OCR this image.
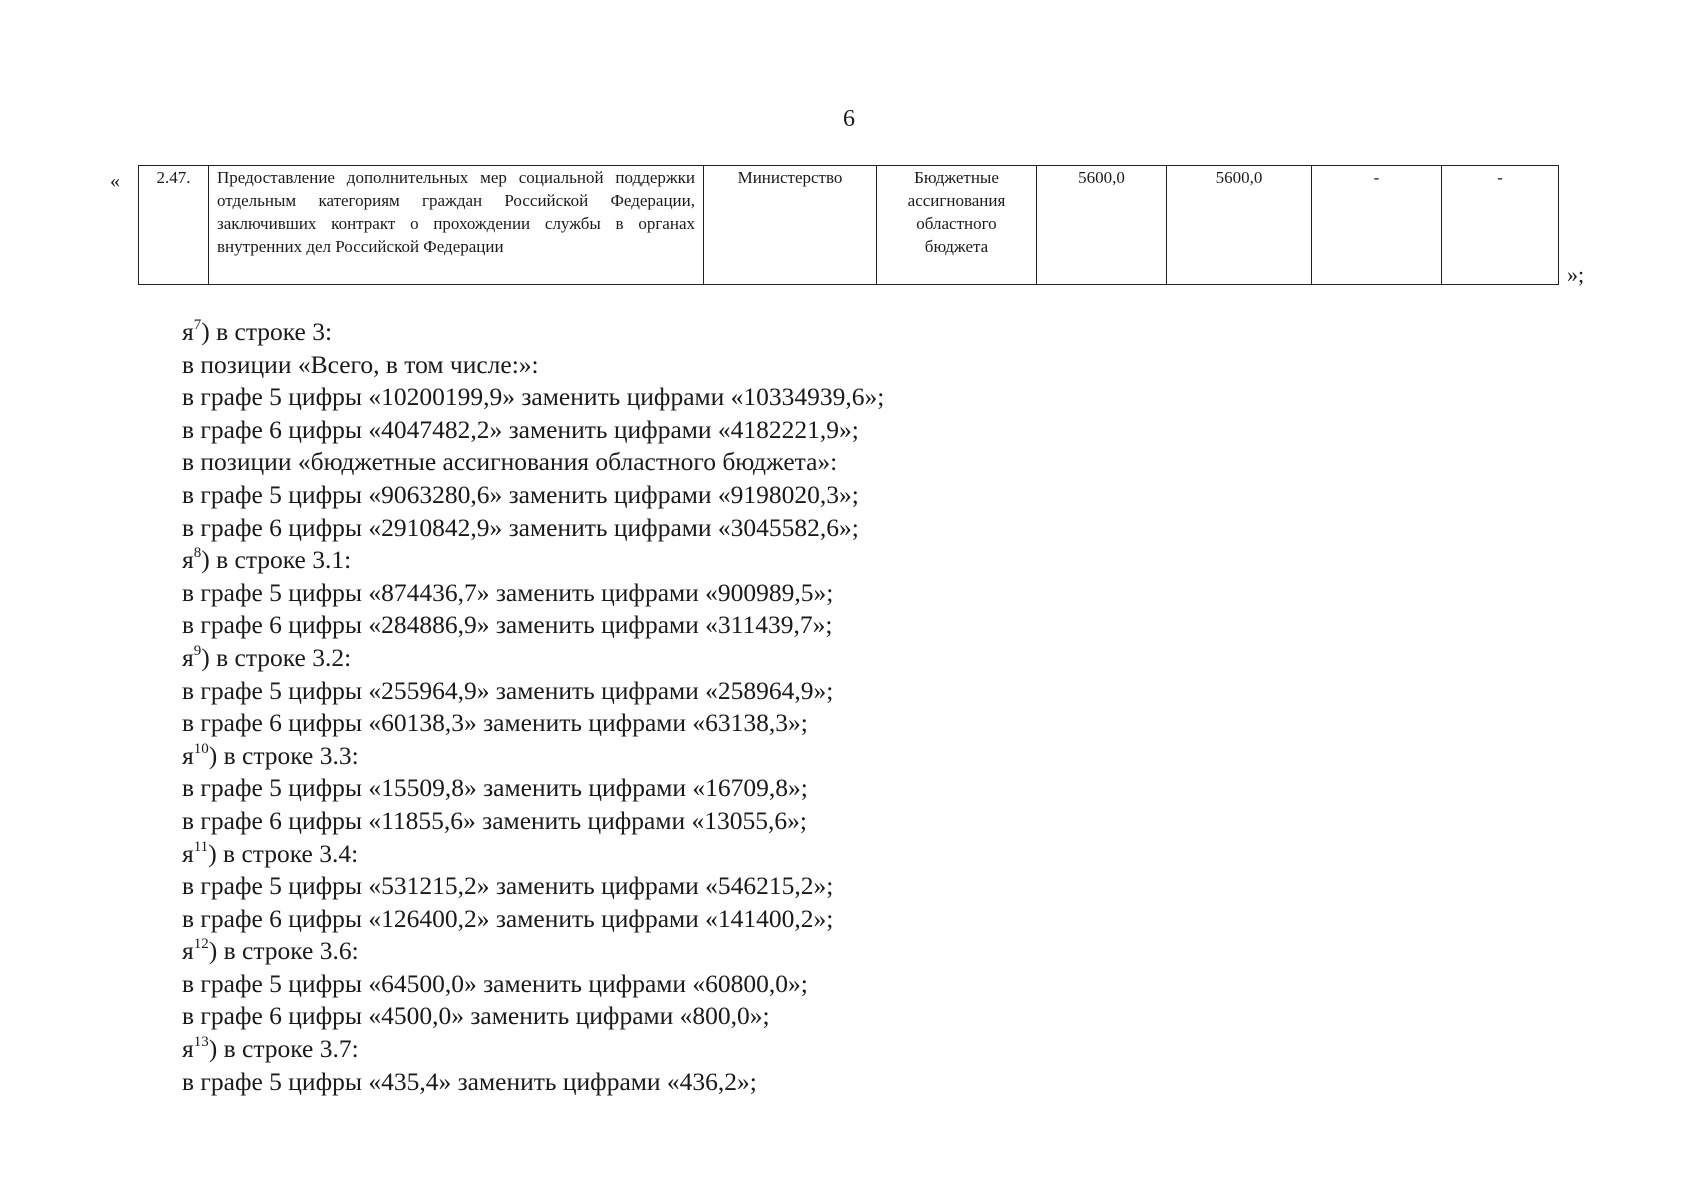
6
« 2.47.	Предоставление дополнительных мер социальной поддержки отдельным категориям граждан Российской Федерации, заключивших контракт о прохождении службы в органах внутренних дел Российской Федерации	Министерство	Бюджетные ассигнования областного бюджета	5600,0	5600,0	-	-
»;
$я^7$) в строке 3:
в позиции «Всего, в том числе:»:
в графе 5 цифры «10200199,9» заменить цифрами «10334939,6»;
в графе 6 цифры «4047482,2» заменить цифрами «4182221,9»;
в позиции «бюджетные ассигнования областного бюджета»:
в графе 5 цифры «9063280,6» заменить цифрами «9198020,3»;
в графе 6 цифры «2910842,9» заменить цифрами «3045582,6»;
$я^8$) в строке 3.1:
в графе 5 цифры «874436,7» заменить цифрами «900989,5»;
в графе 6 цифры «284886,9» заменить цифрами «311439,7»;
$я^9$) в строке 3.2:
в графе 5 цифры «255964,9» заменить цифрами «258964,9»;
в графе 6 цифры «60138,3» заменить цифрами «63138,3»;
$я^{10}$) в строке 3.3:
в графе 5 цифры «15509,8» заменить цифрами «16709,8»;
в графе 6 цифры «11855,6» заменить цифрами «13055,6»;
$я^{11}$) в строке 3.4:
в графе 5 цифры «531215,2» заменить цифрами «546215,2»;
в графе 6 цифры «126400,2» заменить цифрами «141400,2»;
$я^{12}$) в строке 3.6:
в графе 5 цифры «64500,0» заменить цифрами «60800,0»;
в графе 6 цифры «4500,0» заменить цифрами «800,0»;
$я^{13}$) в строке 3.7:
в графе 5 цифры «435,4» заменить цифрами «436,2»;
